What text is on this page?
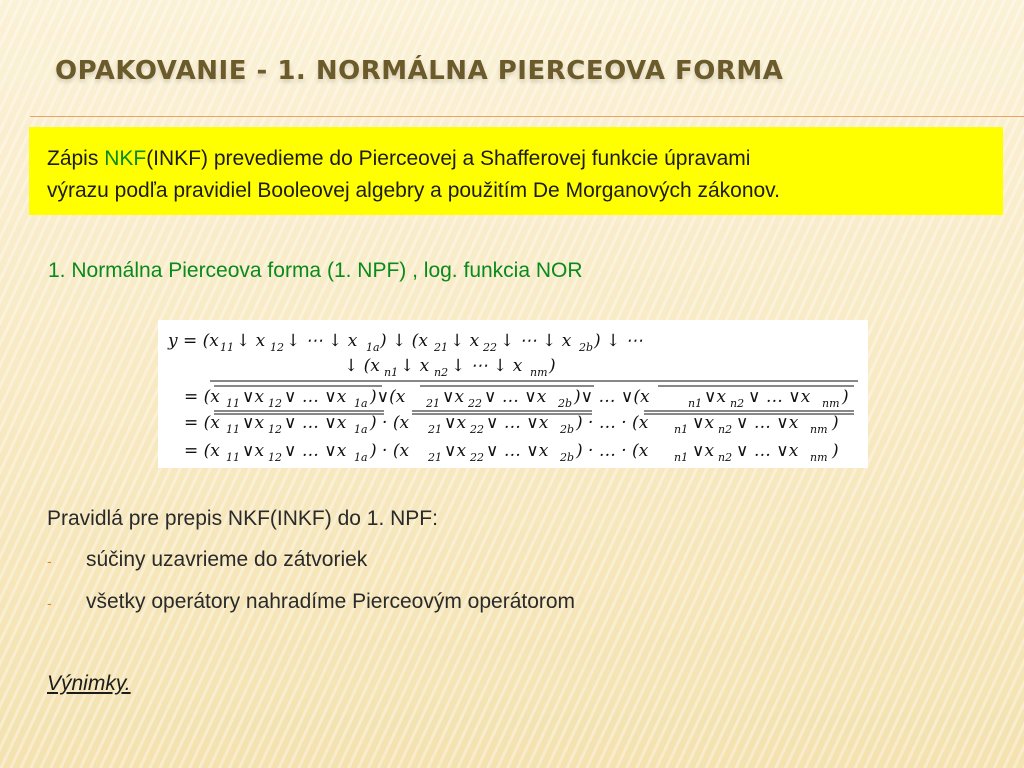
OPAKOVANIE - 1. NORMÁLNA PIERCEOVA FORMA
Zápis NKF(INKF) prevedieme do Pierceovej a Shafferovej funkcie úpravami
výrazu podľa pravidiel Booleovej algebry a použitím De Morganových zákonov.
1. Normálna Pierceova forma (1. NPF) , log. funkcia NOR
y = (x 11 ↓ x 12 ↓ ⋯ ↓ x 1a ) ↓ (x 21 ↓ x 22 ↓ ⋯ ↓ x 2b ) ↓ ⋯
↓ (x n1 ↓ x n2 ↓ ⋯ ↓ x nm )
= (x 11 ∨x 12 ∨ … ∨x 1a )∨(x 21 ∨x 22 ∨ … ∨x 2b )∨ … ∨(x	n1 ∨x n2 ∨ … ∨x nm )
= (x 11 ∨x 12 ∨ … ∨x 1a ) · (x 21 ∨x 22 ∨ … ∨x 2b ) · … · (x n1 ∨x n2 ∨ … ∨x nm )
= (x 11 ∨x 12 ∨ … ∨x 1a ) · (x 21 ∨x 22 ∨ … ∨x 2b ) · … · (x n1 ∨x n2 ∨ … ∨x nm )
Pravidlá pre prepis NKF(INKF) do 1. NPF:
- súčiny uzavrieme do zátvoriek
- všetky operátory nahradíme Pierceovým operátorom
Výnimky.
